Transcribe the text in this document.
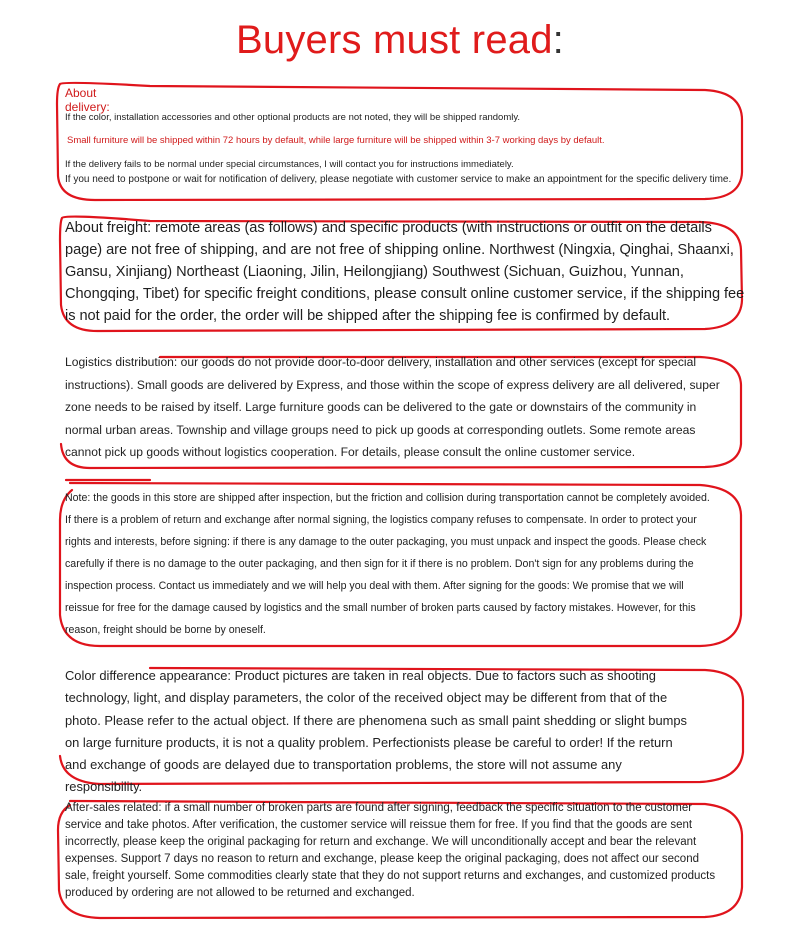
Buyers must read:

About delivery:

If the color, installation accessories and other optional products are not noted, they will be shipped randomly.

Small furniture will be shipped within 72 hours by default, while large furniture will be shipped within 3-7 working days by default.

If the delivery fails to be normal under special circumstances, I will contact you for instructions immediately.

If you need to postpone or wait for notification of delivery, please negotiate with customer service to make an appointment for the specific delivery time.

About freight: remote areas (as follows) and specific products (with instructions or outfit on the details page) are not free of shipping, and are not free of shipping online. Northwest (Ningxia, Qinghai, Shaanxi, Gansu, Xinjiang) Northeast (Liaoning, Jilin, Heilongjiang) Southwest (Sichuan, Guizhou, Yunnan, Chongqing, Tibet) for specific freight conditions, please consult online customer service, if the shipping fee is not paid for the order, the order will be shipped after the shipping fee is confirmed by default.

Logistics distribution: our goods do not provide door-to-door delivery, installation and other services (except for special instructions). Small goods are delivered by Express, and those within the scope of express delivery are all delivered, super zone needs to be raised by itself. Large furniture goods can be delivered to the gate or downstairs of the community in normal urban areas. Township and village groups need to pick up goods at corresponding outlets. Some remote areas cannot pick up goods without logistics cooperation. For details, please consult the online customer service.

Note: the goods in this store are shipped after inspection, but the friction and collision during transportation cannot be completely avoided. If there is a problem of return and exchange after normal signing, the logistics company refuses to compensate. In order to protect your rights and interests, before signing: if there is any damage to the outer packaging, you must unpack and inspect the goods. Please check carefully if there is no damage to the outer packaging, and then sign for it if there is no problem. Don't sign for any problems during the inspection process. Contact us immediately and we will help you deal with them. After signing for the goods: We promise that we will reissue for free for the damage caused by logistics and the small number of broken parts caused by factory mistakes. However, for this reason, freight should be borne by oneself.

Color difference appearance: Product pictures are taken in real objects. Due to factors such as shooting technology, light, and display parameters, the color of the received object may be different from that of the photo. Please refer to the actual object. If there are phenomena such as small paint shedding or slight bumps on large furniture products, it is not a quality problem. Perfectionists please be careful to order! If the return and exchange of goods are delayed due to transportation problems, the store will not assume any responsibility.

After-sales related: if a small number of broken parts are found after signing, feedback the specific situation to the customer service and take photos. After verification, the customer service will reissue them for free. If you find that the goods are sent incorrectly, please keep the original packaging for return and exchange. We will unconditionally accept and bear the relevant expenses. Support 7 days no reason to return and exchange, please keep the original packaging, does not affect our second sale, freight yourself. Some commodities clearly state that they do not support returns and exchanges, and customized products produced by ordering are not allowed to be returned and exchanged.
